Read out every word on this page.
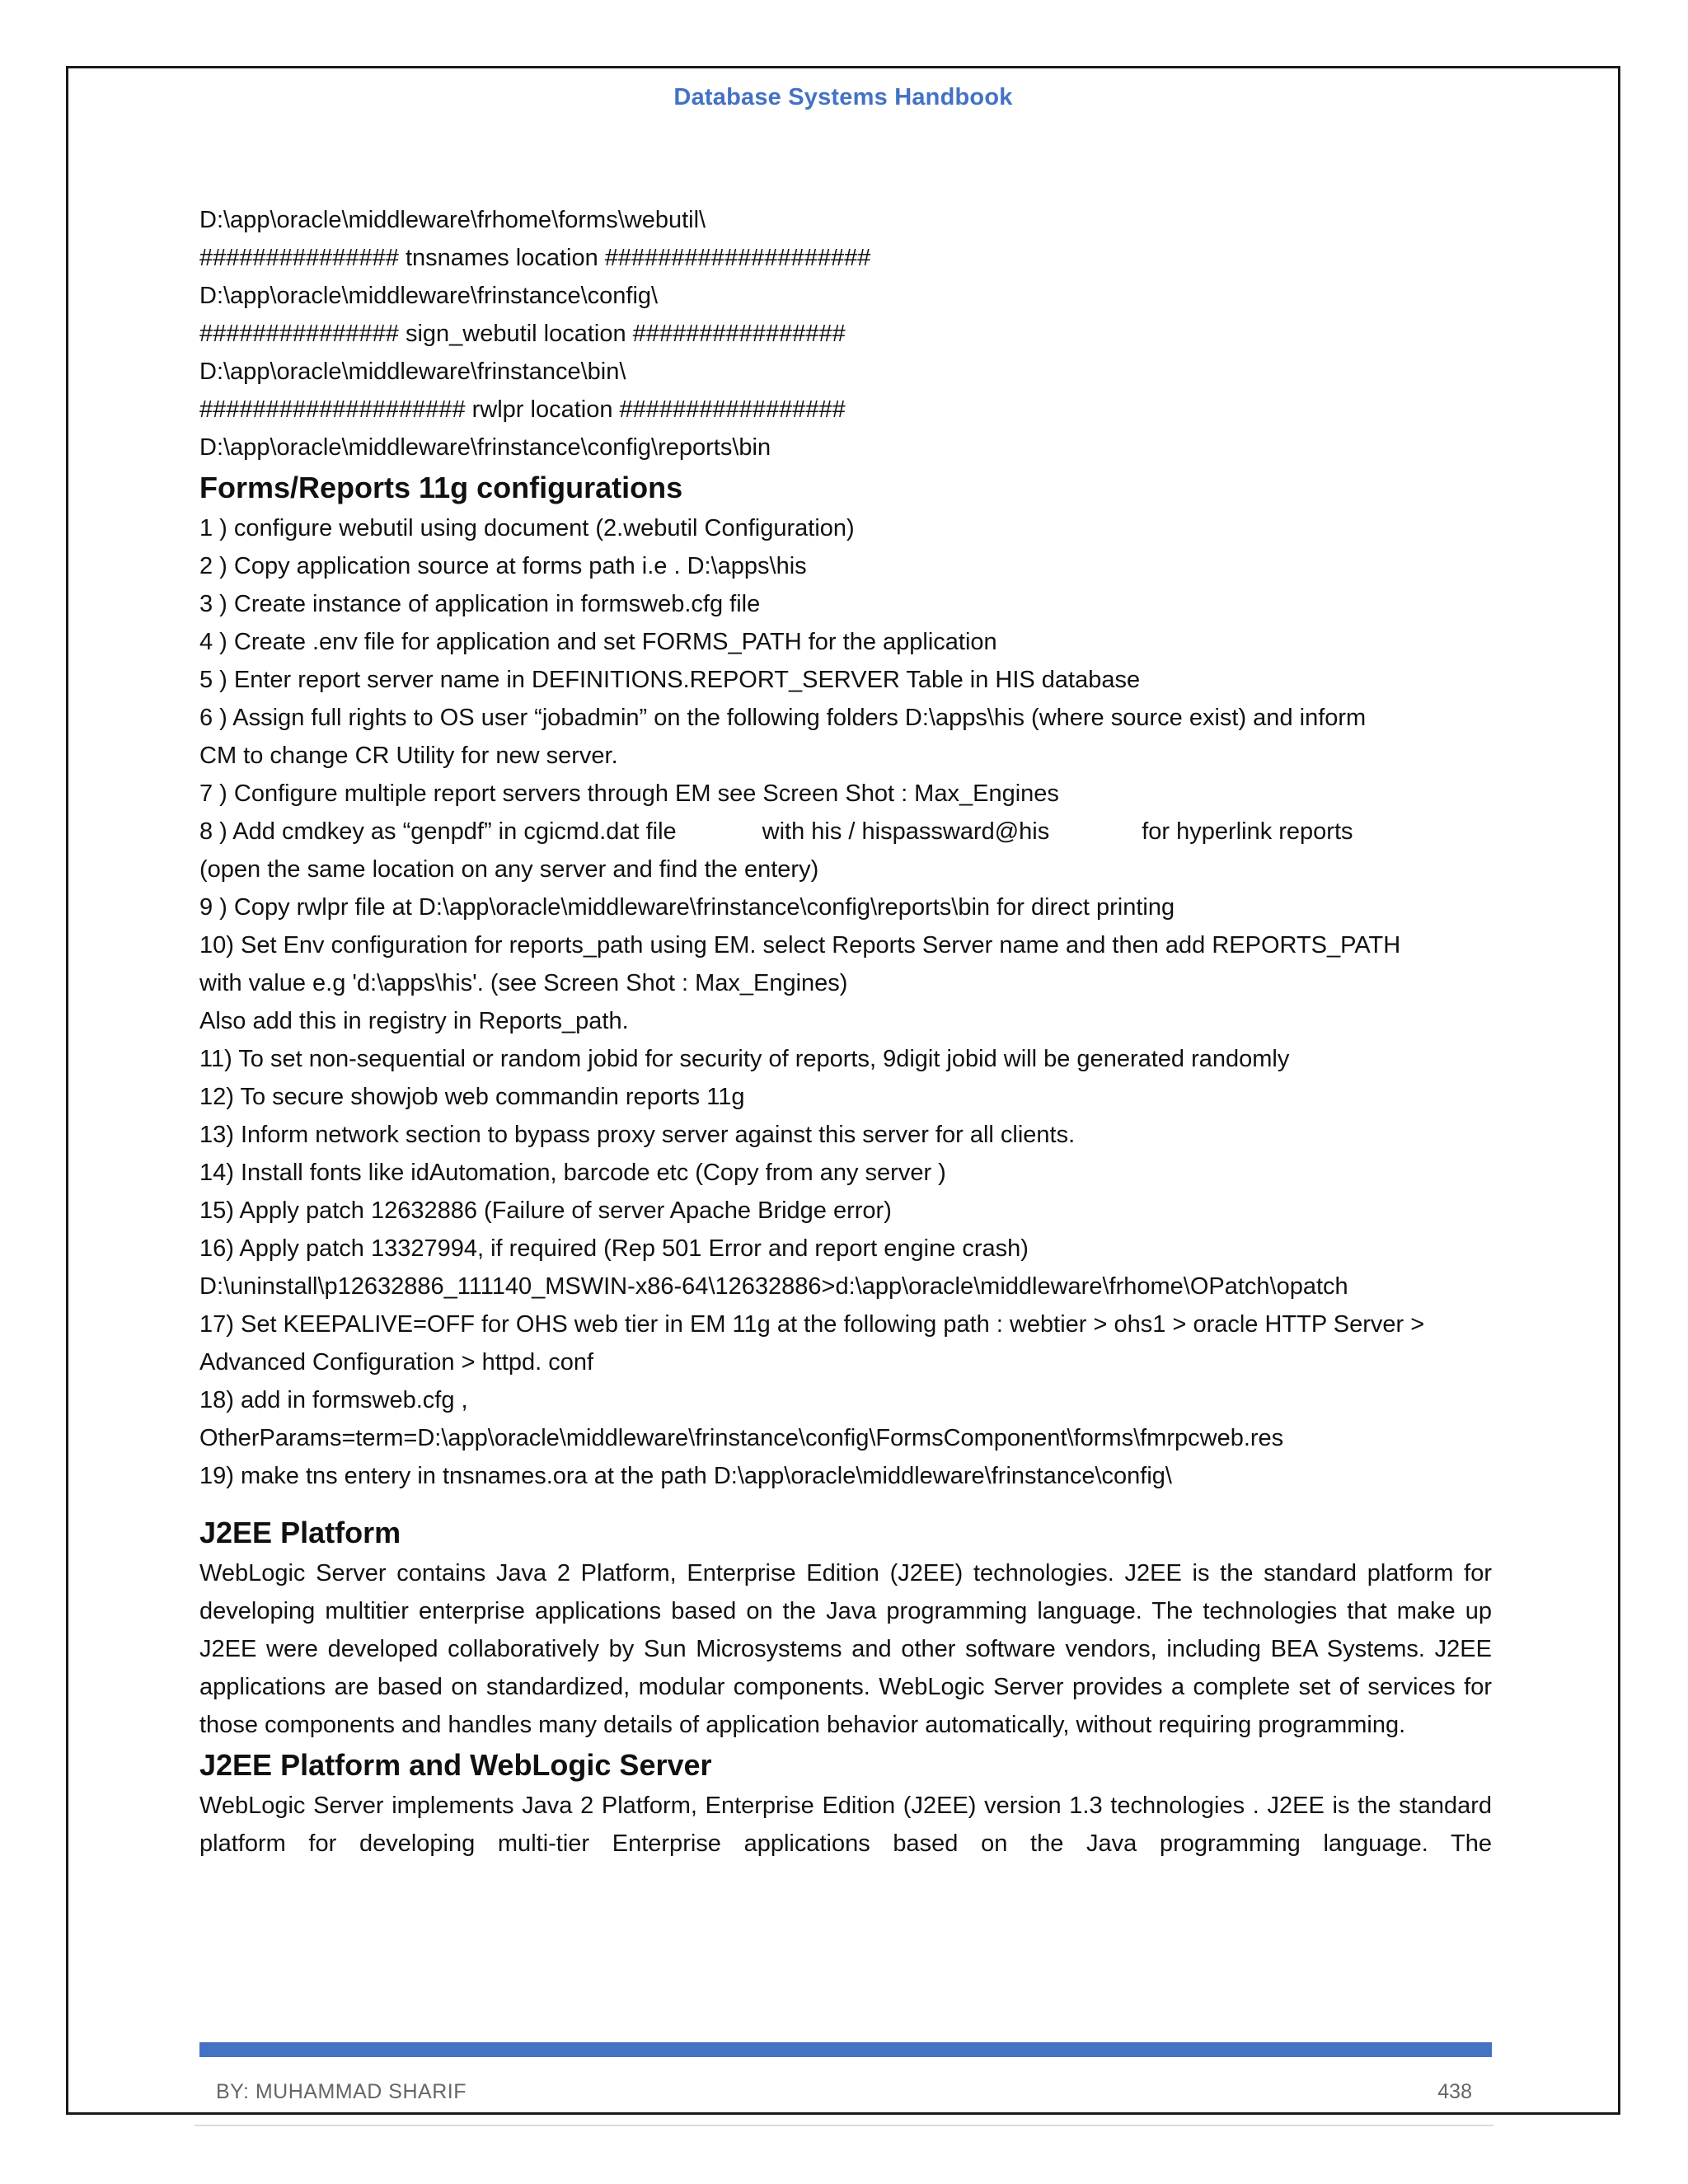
Database Systems Handbook
D:\app\oracle\middleware\frhome\forms\webutil\
############### tnsnames location ####################
D:\app\oracle\middleware\frinstance\config\
############### sign_webutil location ################
D:\app\oracle\middleware\frinstance\bin\
#################### rwlpr location #################
D:\app\oracle\middleware\frinstance\config\reports\bin
Forms/Reports 11g configurations
1 ) configure webutil using document (2.webutil Configuration)
2 ) Copy application source at forms path i.e . D:\apps\his
3 ) Create instance of application in formsweb.cfg file
4 ) Create .env file for application and set FORMS_PATH for the application
5 ) Enter report server name in DEFINITIONS.REPORT_SERVER Table in HIS database
6 ) Assign full rights to OS user “jobadmin” on the following folders D:\apps\his (where source exist) and inform
CM to change CR Utility for new server.
7 ) Configure multiple report servers through EM see Screen Shot : Max_Engines
8 ) Add cmdkey as “genpdf” in cgicmd.dat file	with his / hispassward@his	for hyperlink reports
(open the same location on any server and find the entery)
9 ) Copy rwlpr file at D:\app\oracle\middleware\frinstance\config\reports\bin for direct printing
10) Set Env configuration for reports_path using EM. select Reports Server name and then add REPORTS_PATH
with value e.g 'd:\apps\his'. (see Screen Shot : Max_Engines)
Also add this in registry in Reports_path.
11) To set non-sequential or random jobid for security of reports, 9digit jobid will be generated randomly
12) To secure showjob web commandin reports 11g
13) Inform network section to bypass proxy server against this server for all clients.
14) Install fonts like idAutomation, barcode etc (Copy from any server )
15) Apply patch 12632886 (Failure of server Apache Bridge error)
16) Apply patch 13327994, if required (Rep 501 Error and report engine crash)
D:\uninstall\p12632886_111140_MSWIN-x86-64\12632886>d:\app\oracle\middleware\frhome\OPatch\opatch
17) Set KEEPALIVE=OFF for OHS web tier in EM 11g at the following path : webtier > ohs1 > oracle HTTP Server >
Advanced Configuration > httpd. conf
18) add in formsweb.cfg ,
OtherParams=term=D:\app\oracle\middleware\frinstance\config\FormsComponent\forms\fmrpcweb.res
19) make tns entery in tnsnames.ora at the path D:\app\oracle\middleware\frinstance\config\
J2EE Platform
WebLogic Server contains Java 2 Platform, Enterprise Edition (J2EE) technologies. J2EE is the standard platform for developing multitier enterprise applications based on the Java programming language. The technologies that make up J2EE were developed collaboratively by Sun Microsystems and other software vendors, including BEA Systems. J2EE applications are based on standardized, modular components. WebLogic Server provides a complete set of services for those components and handles many details of application behavior automatically, without requiring programming.
J2EE Platform and WebLogic Server
WebLogic Server implements Java 2 Platform, Enterprise Edition (J2EE) version 1.3 technologies . J2EE is the standard platform for developing multi-tier Enterprise applications based on the Java programming language. The
BY: MUHAMMAD SHARIF	438
